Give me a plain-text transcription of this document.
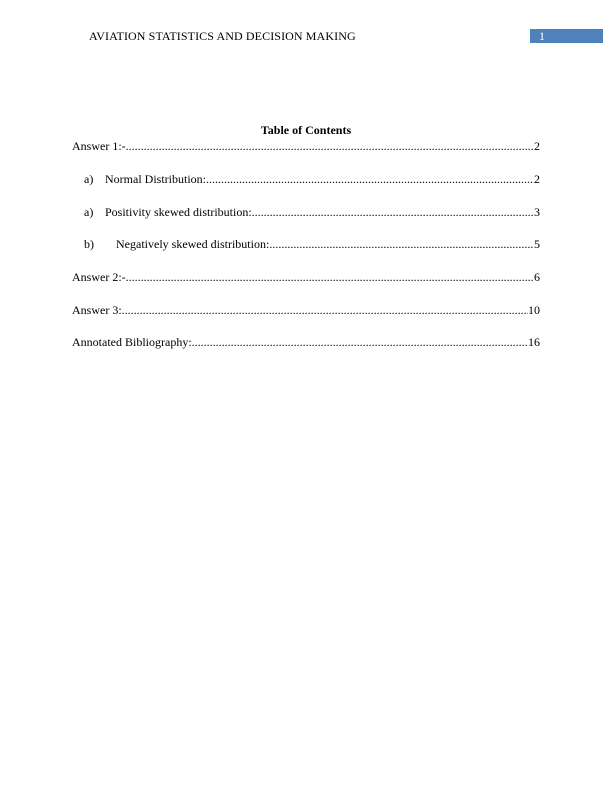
AVIATION STATISTICS AND DECISION MAKING	1
Table of Contents
Answer 1:- .....	2
a) Normal Distribution: .....	2
a) Positivity skewed distribution: .....	3
b)	Negatively skewed distribution: .....	5
Answer 2:- .....	6
Answer 3: .....	10
Annotated Bibliography: .....	16
